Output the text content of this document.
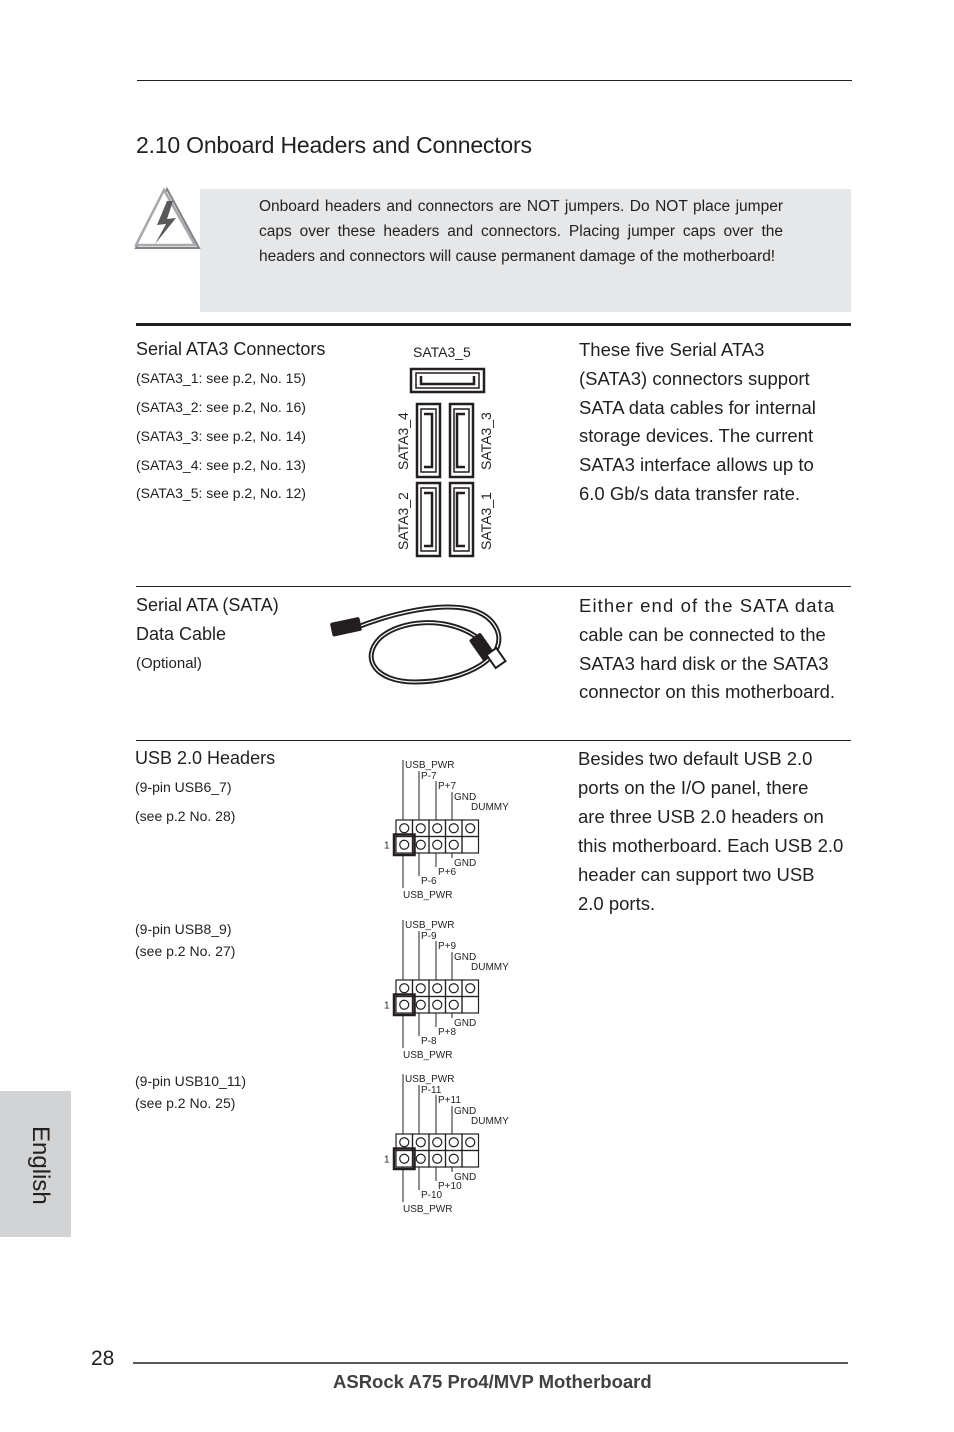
2.10 Onboard Headers and Connectors
Onboard headers and connectors are NOT jumpers. Do NOT place jumper caps over these headers and connectors. Placing jumper caps over the headers and connectors will cause permanent damage of the motherboard!
Serial ATA3 Connectors
(SATA3_1: see p.2, No. 15)
(SATA3_2: see p.2, No. 16)
(SATA3_3: see p.2, No. 14)
(SATA3_4: see p.2, No. 13)
(SATA3_5: see p.2, No. 12)
SATA3_5
SATA3_4	SATA3_3
SATA3_2	SATA3_1
These five Serial ATA3
(SATA3) connectors support
SATA data cables for internal
storage devices. The current
SATA3 interface allows up to
6.0 Gb/s data transfer rate.
Serial ATA (SATA)
Data Cable
(Optional)
Either end of the SATA data
cable can be connected to the
SATA3 hard disk or the SATA3
connector on this motherboard.
USB 2.0 Headers
(9-pin USB6_7)
(see p.2 No. 28)
(9-pin USB8_9)
(see p.2 No. 27)
(9-pin USB10_11)
(see p.2 No. 25)
Besides two default USB 2.0
ports on the I/O panel, there
are three USB 2.0 headers on
this motherboard. Each USB 2.0
header can support two USB
2.0 ports.
USB_PWR
P-7
P+7
GND
DUMMY
1
GND
P+6
P-6
USB_PWR
USB_PWR
P-9
P+9
GND
DUMMY
1
GND
P+8
P-8
USB_PWR
USB_PWR
P-11
P+11
GND
DUMMY
1
GND
P+10
P-10
USB_PWR
English
28
ASRock A75 Pro4/MVP Motherboard
